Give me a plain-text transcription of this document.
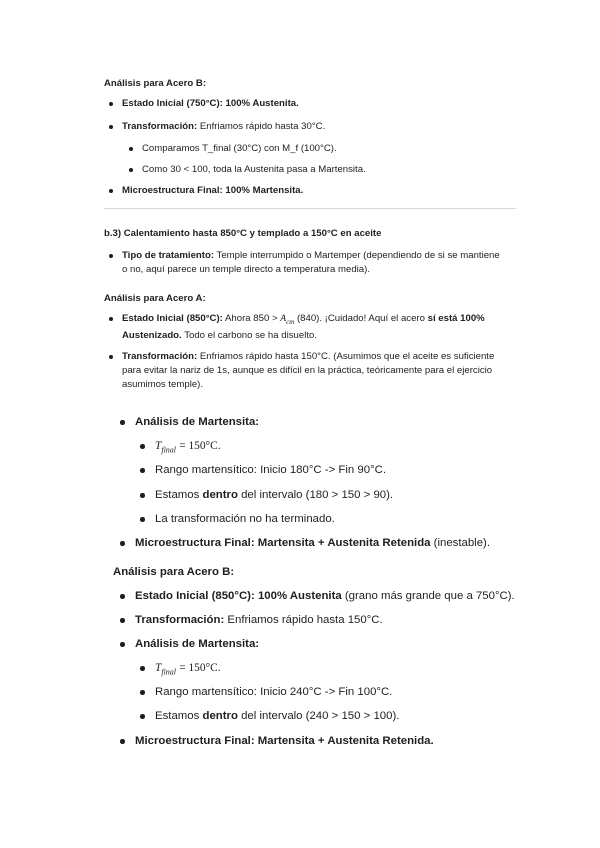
Análisis para Acero B:
Estado Inicial (750°C): 100% Austenita.
Transformación: Enfriamos rápido hasta 30°C.
Comparamos T_final (30°C) con M_f (100°C).
Como 30 < 100, toda la Austenita pasa a Martensita.
Microestructura Final: 100% Martensita.
b.3) Calentamiento hasta 850°C y templado a 150°C en aceite
Tipo de tratamiento: Temple interrumpido o Martemper (dependiendo de si se mantiene
o no, aquí parece un temple directo a temperatura media).
Análisis para Acero A:
Estado Inicial (850°C): Ahora $850 > A_{cm}$ (840). ¡Cuidado! Aquí el acero sí está 100%
Austenizado. Todo el carbono se ha disuelto.
Transformación: Enfriamos rápido hasta 150°C. (Asumimos que el aceite es suficiente
para evitar la nariz de 1s, aunque es difícil en la práctica, teóricamente para el ejercicio
asumimos temple).
Análisis de Martensita:
$T_{final} = 150^\circ C$.
Rango martensítico: Inicio 180°C -> Fin 90°C.
Estamos dentro del intervalo (180 > 150 > 90).
La transformación no ha terminado.
Microestructura Final: Martensita + Austenita Retenida (inestable).
Análisis para Acero B:
Estado Inicial (850°C): 100% Austenita (grano más grande que a 750°C).
Transformación: Enfriamos rápido hasta 150°C.
Análisis de Martensita:
$T_{final} = 150^\circ C$.
Rango martensítico: Inicio 240°C -> Fin 100°C.
Estamos dentro del intervalo (240 > 150 > 100).
Microestructura Final: Martensita + Austenita Retenida.
